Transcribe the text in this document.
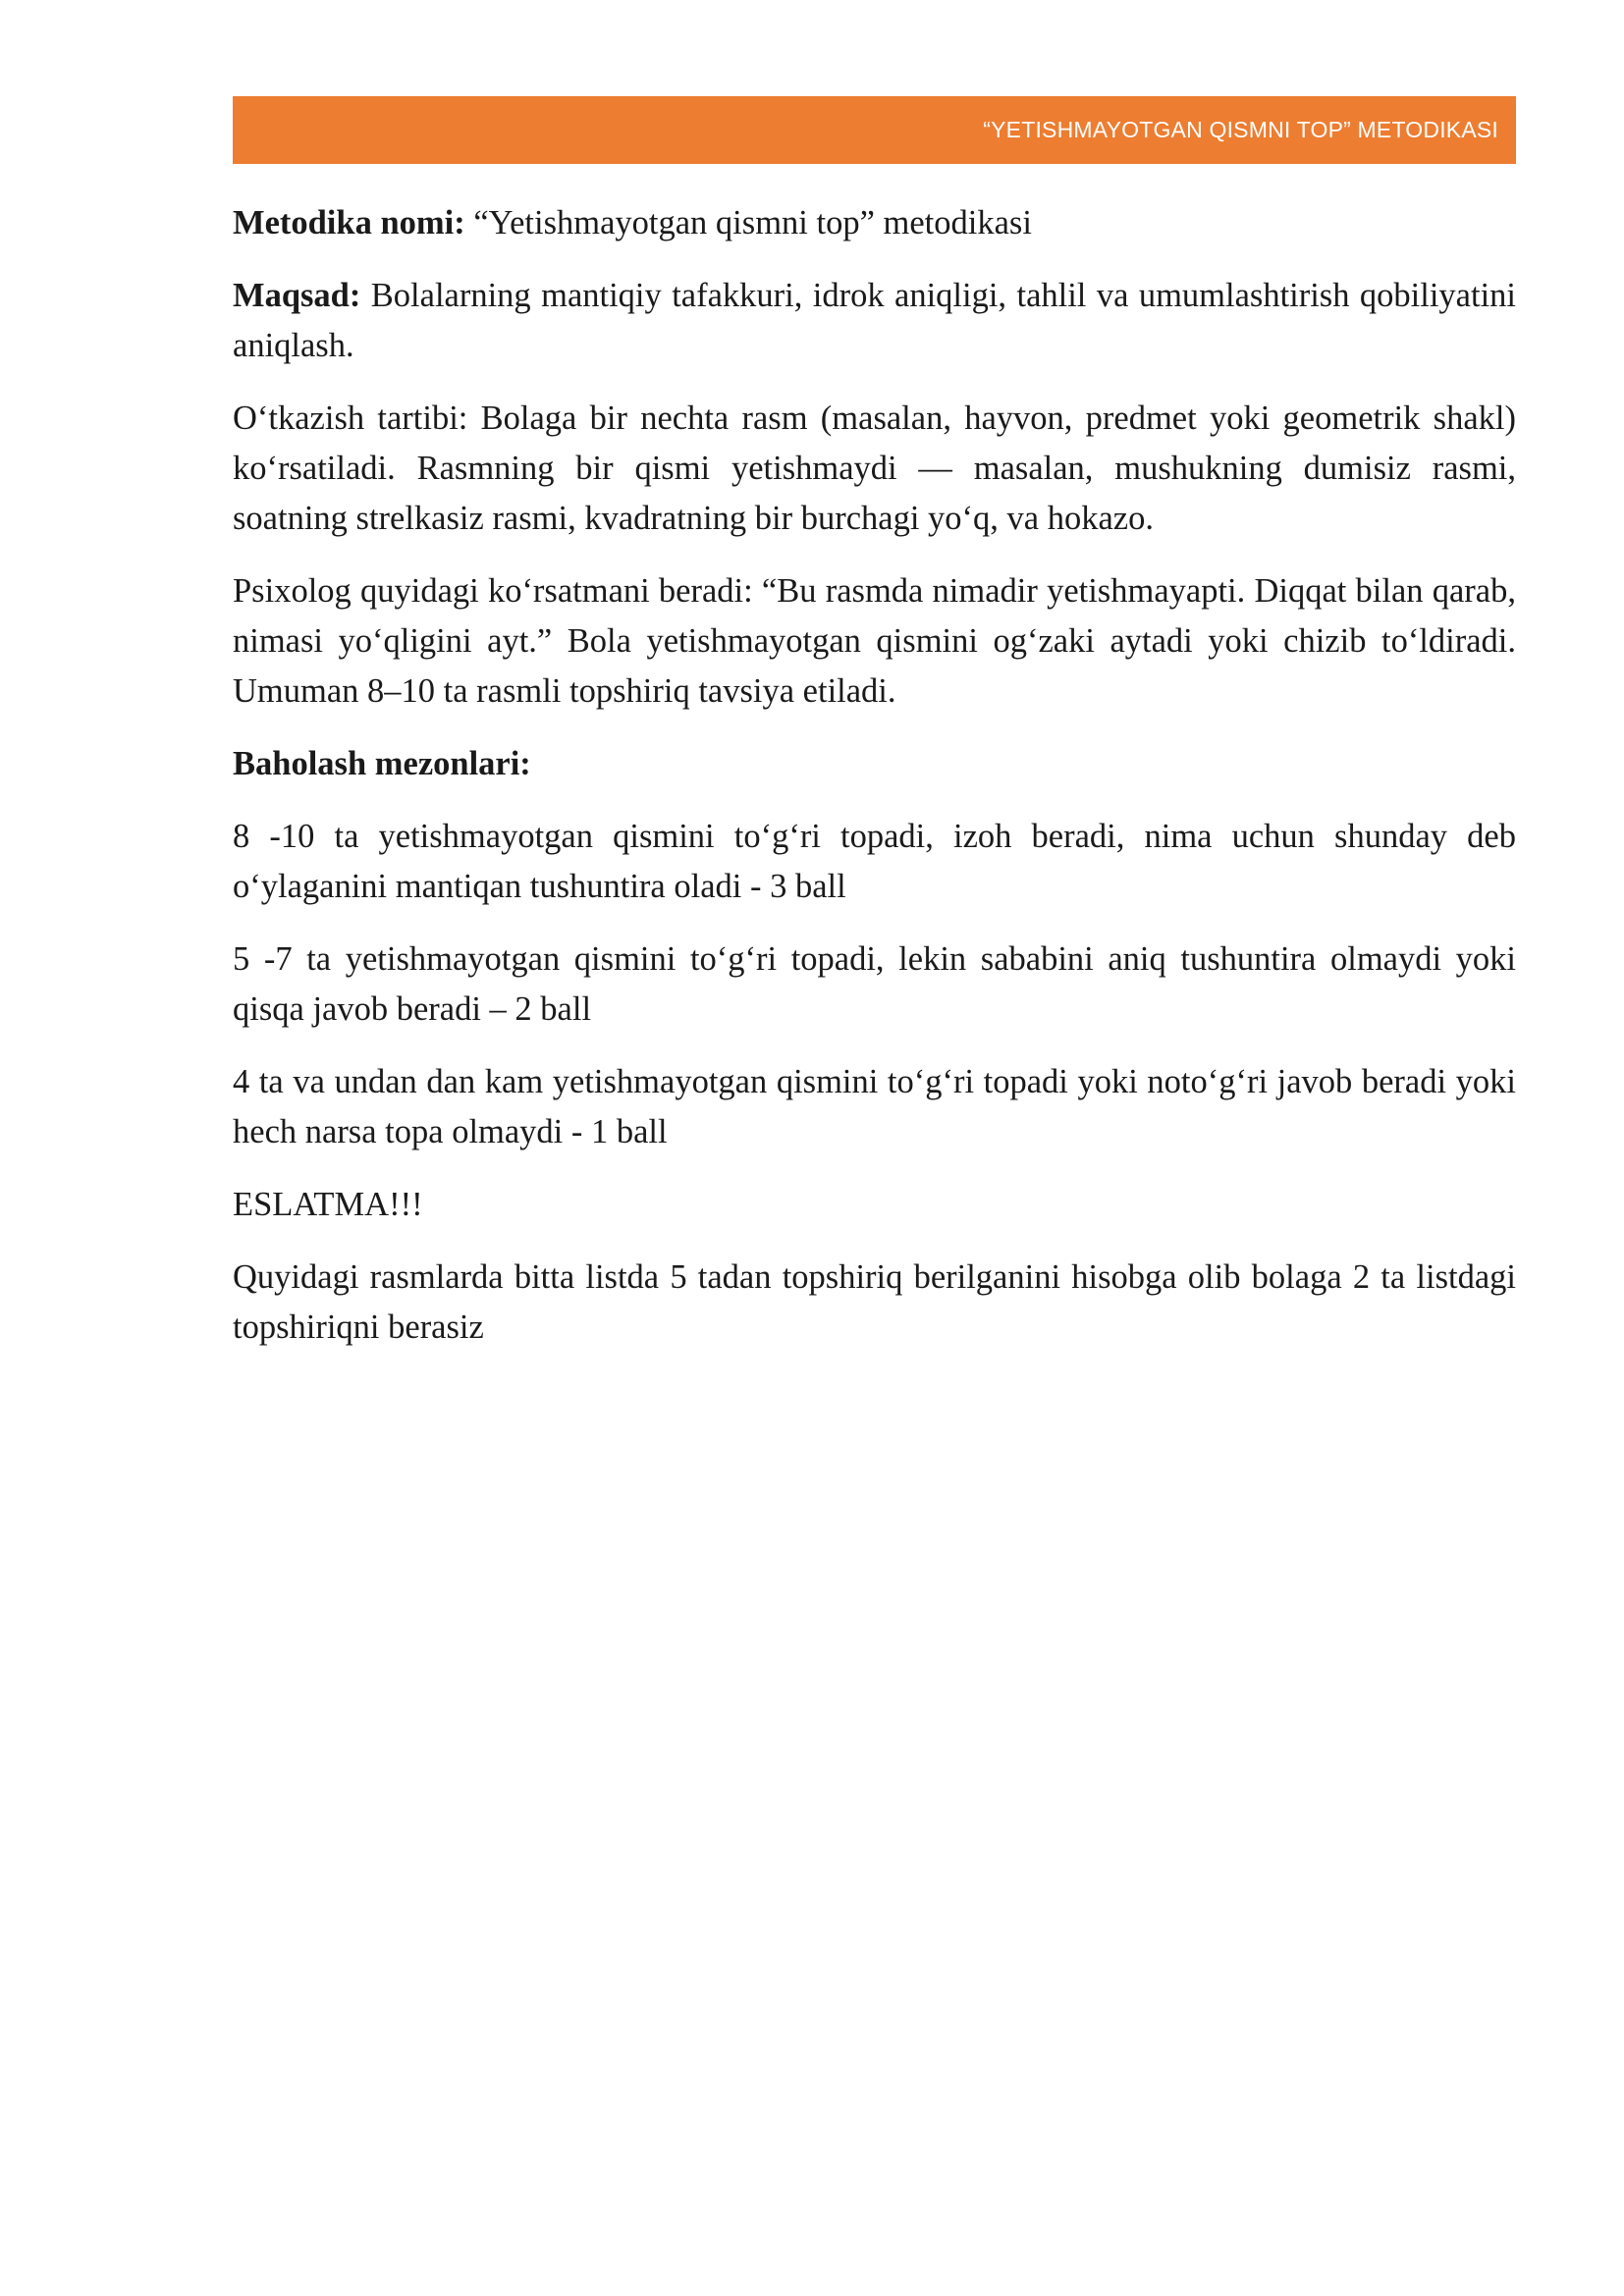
“YETISHMAYOTGAN QISMNI TOP” METODIKASI

Metodika nomi: “Yetishmayotgan qismni top” metodikasi

Maqsad: Bolalarning mantiqiy tafakkuri, idrok aniqligi, tahlil va umumlashtirish qobiliyatini aniqlash.

O‘tkazish tartibi: Bolaga bir nechta rasm (masalan, hayvon, predmet yoki geometrik shakl) ko‘rsatiladi. Rasmning bir qismi yetishmaydi — masalan, mushukning dumisiz rasmi, soatning strelkasiz rasmi, kvadratning bir burchagi yo‘q, va hokazo.

Psixolog quyidagi ko‘rsatmani beradi: “Bu rasmda nimadir yetishmayapti. Diqqat bilan qarab, nimasi yo‘qligini ayt.” Bola yetishmayotgan qismini og‘zaki aytadi yoki chizib to‘ldiradi. Umuman 8–10 ta rasmli topshiriq tavsiya etiladi.

Baholash mezonlari:

8 -10 ta yetishmayotgan qismini to‘g‘ri topadi, izoh beradi, nima uchun shunday deb o‘ylaganini mantiqan tushuntira oladi - 3 ball

5 -7 ta yetishmayotgan qismini to‘g‘ri topadi, lekin sababini aniq tushuntira olmaydi yoki qisqa javob beradi – 2 ball

4 ta va undan dan kam yetishmayotgan qismini to‘g‘ri topadi yoki noto‘g‘ri javob beradi yoki hech narsa topa olmaydi - 1 ball

ESLATMA!!!

Quyidagi rasmlarda bitta listda 5 tadan topshiriq berilganini hisobga olib bolaga 2 ta listdagi topshiriqni berasiz
